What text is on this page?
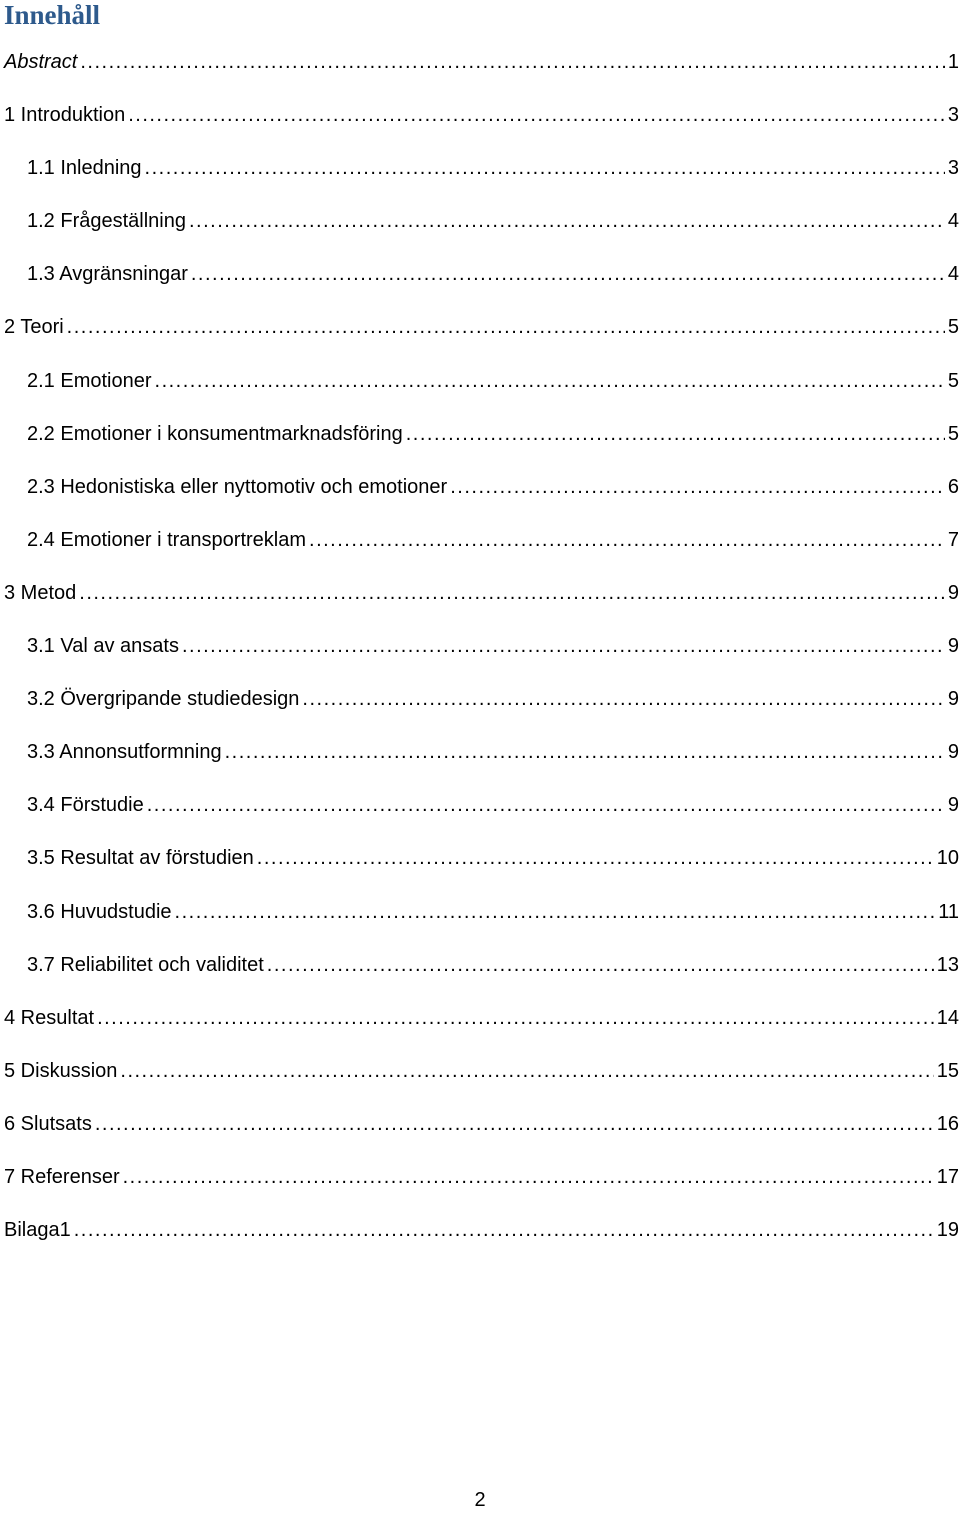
Innehåll
Abstract .....	1
1 Introduktion .....	3
1.1 Inledning .....	3
1.2 Frågeställning .....	4
1.3 Avgränsningar .....	4
2 Teori .....	5
2.1 Emotioner .....	5
2.2 Emotioner i konsumentmarknadsföring .....	5
2.3 Hedonistiska eller nyttomotiv och emotioner .....	6
2.4 Emotioner i transportreklam .....	7
3 Metod .....	9
3.1 Val av ansats .....	9
3.2 Övergripande studiedesign .....	9
3.3 Annonsutformning .....	9
3.4 Förstudie .....	9
3.5 Resultat av förstudien .....	10
3.6 Huvudstudie .....	11
3.7 Reliabilitet och validitet .....	13
4 Resultat .....	14
5 Diskussion .....	15
6 Slutsats .....	16
7 Referenser .....	17
Bilaga1 .....	19
2
